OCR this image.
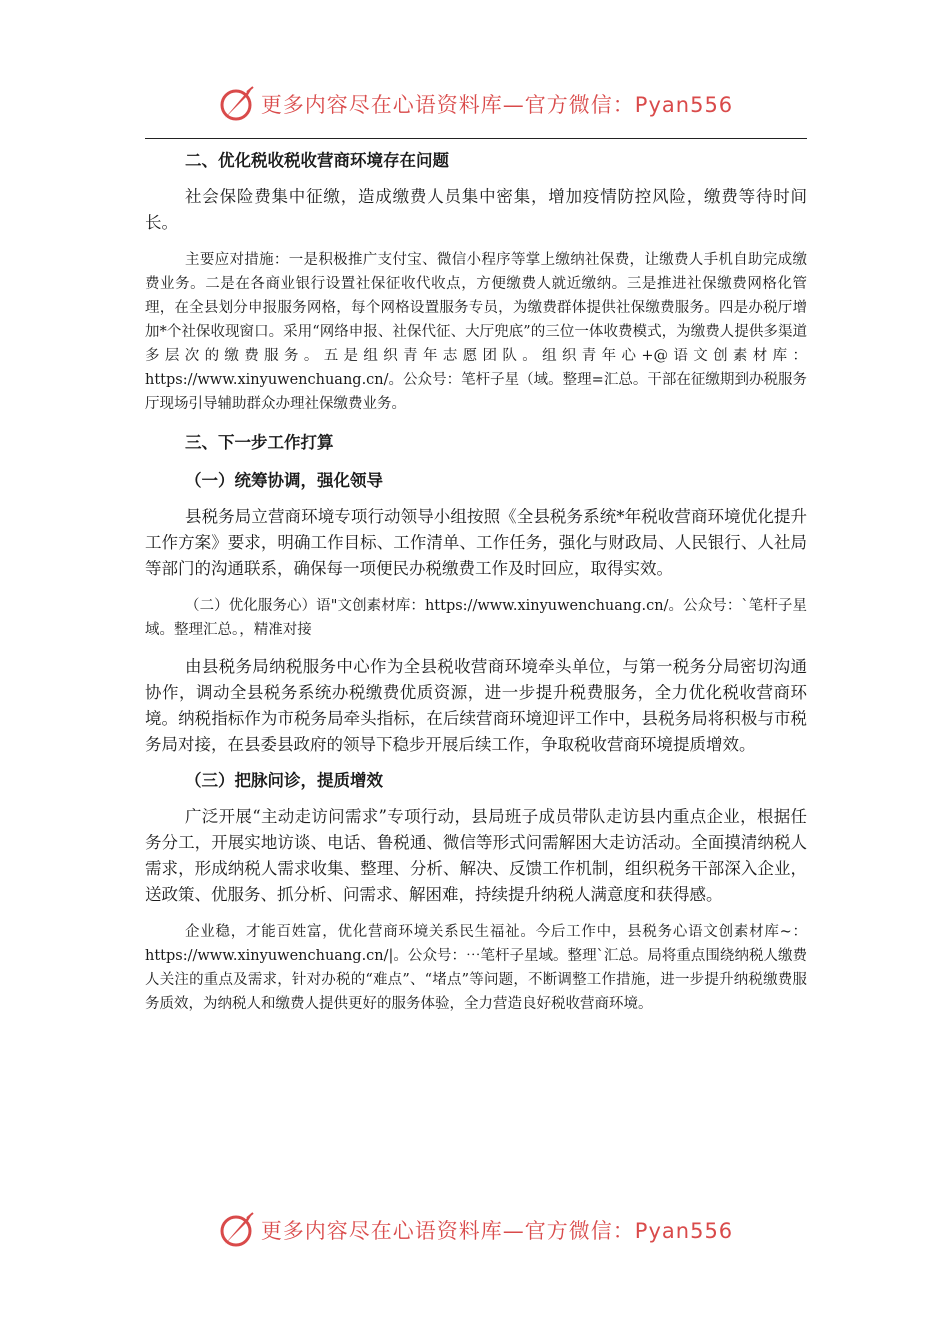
更多内容尽在心语资料库—官方微信：Pyan556

二、优化税收税收营商环境存在问题

社会保险费集中征缴，造成缴费人员集中密集，增加疫情防控风险，缴费等待时间长。

主要应对措施：一是积极推广支付宝、微信小程序等掌上缴纳社保费，让缴费人手机自助完成缴费业务。二是在各商业银行设置社保征收代收点，方便缴费人就近缴纳。三是推进社保缴费网格化管理，在全县划分申报服务网格，每个网格设置服务专员，为缴费群体提供社保缴费服务。四是办税厅增加*个社保收现窗口。采用“网络申报、社保代征、大厅兜底”的三位一体收费模式，为缴费人提供多渠道多层次的缴费服务。五是组织青年志愿团队。组织青年心+@语文创素材库：https://www.xinyuwenchuang.cn/。公众号：笔杆子星（域。整理=汇总。干部在征缴期到办税服务厅现场引导辅助群众办理社保缴费业务。

三、下一步工作打算

（一）统筹协调，强化领导

县税务局立营商环境专项行动领导小组按照《全县税务系统*年税收营商环境优化提升工作方案》要求，明确工作目标、工作清单、工作任务，强化与财政局、人民银行、人社局等部门的沟通联系，确保每一项便民办税缴费工作及时回应，取得实效。

（二）优化服务心）语"文创素材库：https://www.xinyuwenchuang.cn/。公众号：`笔杆子星域。整理汇总。，精准对接

由县税务局纳税服务中心作为全县税收营商环境牵头单位，与第一税务分局密切沟通协作，调动全县税务系统办税缴费优质资源，进一步提升税费服务，全力优化税收营商环境。纳税指标作为市税务局牵头指标，在后续营商环境迎评工作中，县税务局将积极与市税务局对接，在县委县政府的领导下稳步开展后续工作，争取税收营商环境提质增效。

（三）把脉问诊，提质增效

广泛开展“主动走访问需求”专项行动，县局班子成员带队走访县内重点企业，根据任务分工，开展实地访谈、电话、鲁税通、微信等形式问需解困大走访活动。全面摸清纳税人需求，形成纳税人需求收集、整理、分析、解决、反馈工作机制，组织税务干部深入企业，送政策、优服务、抓分析、问需求、解困难，持续提升纳税人满意度和获得感。

企业稳，才能百姓富，优化营商环境关系民生福祉。今后工作中，县税务心语文创素材库~：https://www.xinyuwenchuang.cn/|。公众号：⋯笔杆子星域。整理`汇总。局将重点围绕纳税人缴费人关注的重点及需求，针对办税的“难点”、“堵点”等问题，不断调整工作措施，进一步提升纳税缴费服务质效，为纳税人和缴费人提供更好的服务体验，全力营造良好税收营商环境。

更多内容尽在心语资料库—官方微信：Pyan556
